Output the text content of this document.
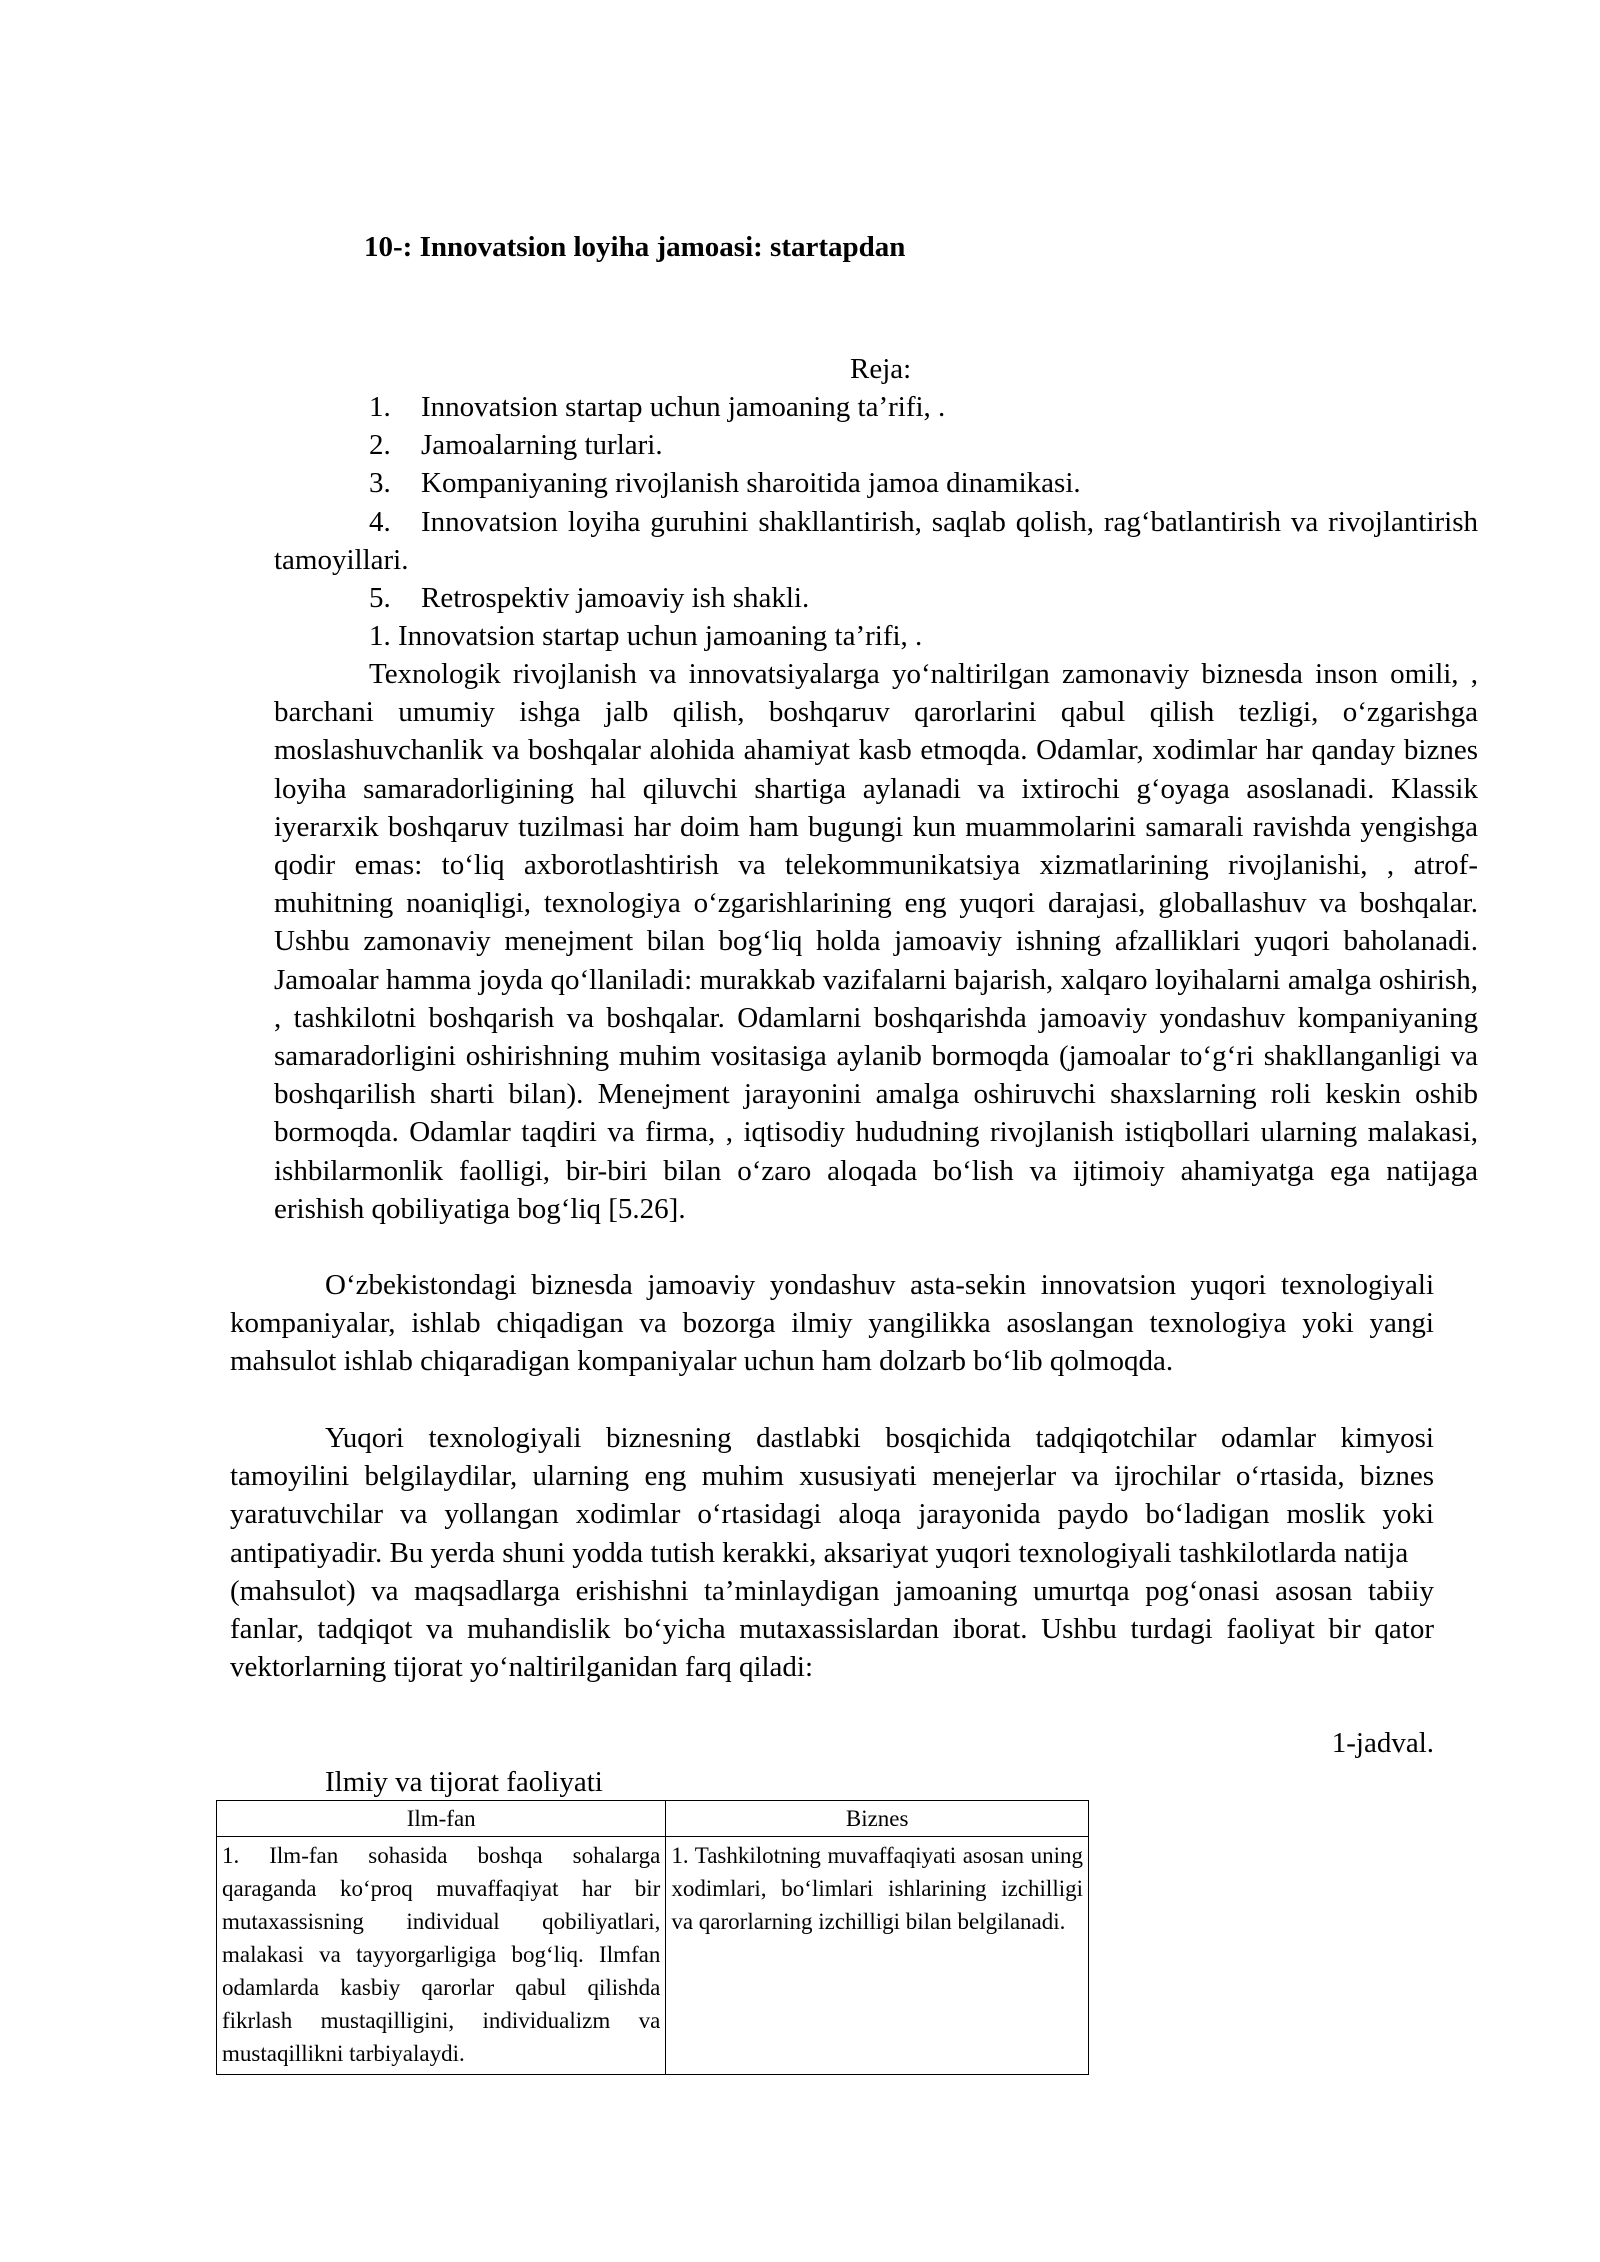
10-: Innovatsion loyiha jamoasi: startapdan
Reja:

1. Innovatsion startap uchun jamoaning ta’rifi, .

2. Jamoalarning turlari.

3. Kompaniyaning rivojlanish sharoitida jamoa dinamikasi.

4. Innovatsion loyiha guruhini shakllantirish, saqlab qolish, rag‘batlantirish va rivojlantirish tamoyillari.

5. Retrospektiv jamoaviy ish shakli.

1. Innovatsion startap uchun jamoaning ta’rifi, .

Texnologik rivojlanish va innovatsiyalarga yo‘naltirilgan zamonaviy biznesda inson omili, , barchani umumiy ishga jalb qilish, boshqaruv qarorlarini qabul qilish tezligi, o‘zgarishga moslashuvchanlik va boshqalar alohida ahamiyat kasb etmoqda. Odamlar, xodimlar har qanday biznes loyiha samaradorligining hal qiluvchi shartiga aylanadi va ixtirochi g‘oyaga asoslanadi. Klassik iyerarxik boshqaruv tuzilmasi har doim ham bugungi kun muammolarini samarali ravishda yengishga qodir emas: to‘liq axborotlashtirish va telekommunikatsiya xizmatlarining rivojlanishi, , atrof-muhitning noaniqligi, texnologiya o‘zgarishlarining eng yuqori darajasi, globallashuv va boshqalar. Ushbu zamonaviy menejment bilan bog‘liq holda jamoaviy ishning afzalliklari yuqori baholanadi. Jamoalar hamma joyda qo‘llaniladi: murakkab vazifalarni bajarish, xalqaro loyihalarni amalga oshirish, , tashkilotni boshqarish va boshqalar. Odamlarni boshqarishda jamoaviy yondashuv kompaniyaning samaradorligini oshirishning muhim vositasiga aylanib bormoqda (jamoalar to‘g‘ri shakllanganligi va boshqarilish sharti bilan). Menejment jarayonini amalga oshiruvchi shaxslarning roli keskin oshib bormoqda. Odamlar taqdiri va firma, , iqtisodiy hududning rivojlanish istiqbollari ularning malakasi, ishbilarmonlik faolligi, bir-biri bilan o‘zaro aloqada bo‘lish va ijtimoiy ahamiyatga ega natijaga erishish qobiliyatiga bog‘liq [5.26].

O‘zbekistondagi biznesda jamoaviy yondashuv asta-sekin innovatsion yuqori texnologiyali kompaniyalar, ishlab chiqadigan va bozorga ilmiy yangilikka asoslangan texnologiya yoki yangi mahsulot ishlab chiqaradigan kompaniyalar uchun ham dolzarb bo‘lib qolmoqda.

Yuqori texnologiyali biznesning dastlabki bosqichida tadqiqotchilar odamlar kimyosi tamoyilini belgilaydilar, ularning eng muhim xususiyati menejerlar va ijrochilar o‘rtasida, biznes yaratuvchilar va yollangan xodimlar o‘rtasidagi aloqa jarayonida paydo bo‘ladigan moslik yoki antipatiyadir. Bu yerda shuni yodda tutish kerakki, aksariyat yuqori texnologiyali tashkilotlarda natija

(mahsulot) va maqsadlarga erishishni ta’minlaydigan jamoaning umurtqa pog‘onasi asosan tabiiy fanlar, tadqiqot va muhandislik bo‘yicha mutaxassislardan iborat. Ushbu turdagi faoliyat bir qator vektorlarning tijorat yo‘naltirilganidan farq qiladi:

1-jadval.
Ilmiy va tijorat faoliyati
Ilm-fan	Biznes
1. Ilm-fan sohasida boshqa sohalarga qaraganda ko‘proq muvaffaqiyat har bir mutaxassisning individual qobiliyatlari, malakasi va tayyorgarligiga bog‘liq. Ilmfan odamlarda kasbiy qarorlar qabul qilishda fikrlash mustaqilligini, individualizm va mustaqillikni tarbiyalaydi.	1. Tashkilotning muvaffaqiyati asosan uning xodimlari, bo‘limlari ishlarining izchilligi va qarorlarning izchilligi bilan belgilanadi.
